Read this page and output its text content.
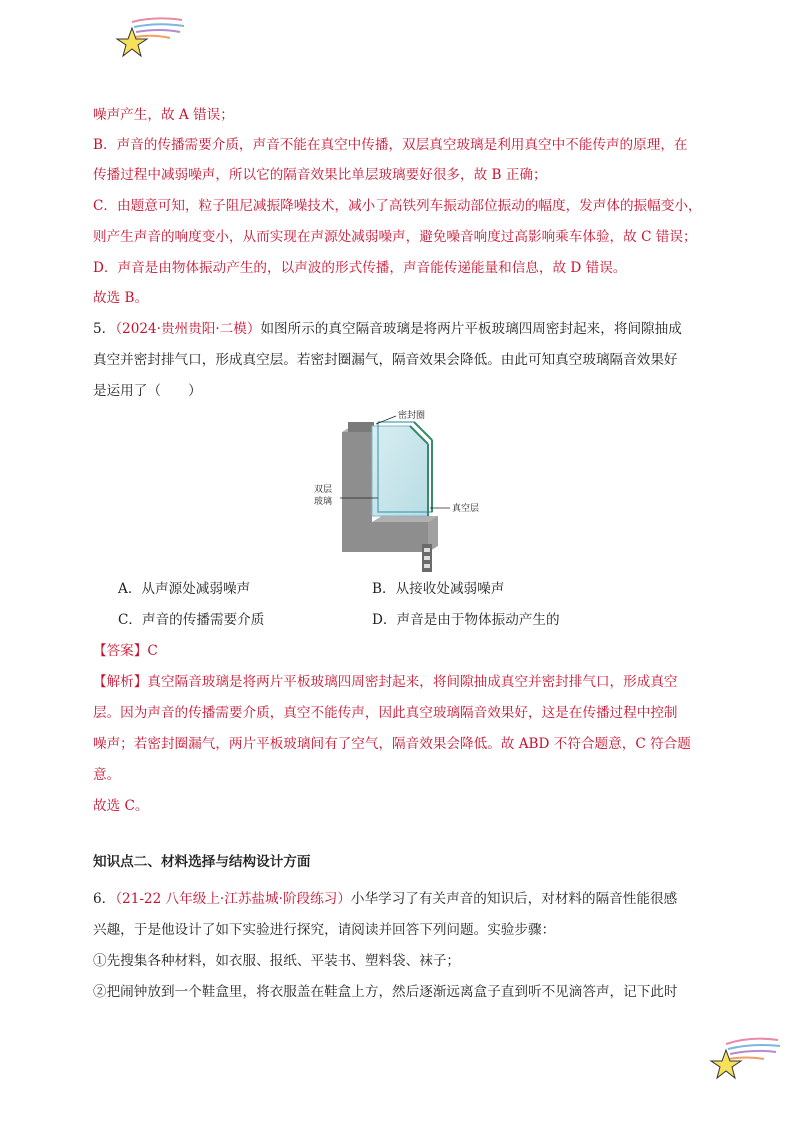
噪声产生，故 A 错误；
B．声音的传播需要介质，声音不能在真空中传播，双层真空玻璃是利用真空中不能传声的原理，在
传播过程中减弱噪声，所以它的隔音效果比单层玻璃要好很多，故 B 正确；
C．由题意可知，粒子阻尼减振降噪技术，减小了高铁列车振动部位振动的幅度，发声体的振幅变小，
则产生声音的响度变小，从而实现在声源处减弱噪声，避免噪音响度过高影响乘车体验，故 C 错误；
D．声音是由物体振动产生的，以声波的形式传播，声音能传递能量和信息，故 D 错误。
故选 B。
5．（2024·贵州贵阳·二模）如图所示的真空隔音玻璃是将两片平板玻璃四周密封起来，将间隙抽成
真空并密封排气口，形成真空层。若密封圈漏气，隔音效果会降低。由此可知真空玻璃隔音效果好
是运用了（　　）
密封圈
双层
玻璃
真空层
A．从声源处减弱噪声	B．从接收处减弱噪声
C．声音的传播需要介质	D．声音是由于物体振动产生的
【答案】C
【解析】真空隔音玻璃是将两片平板玻璃四周密封起来，将间隙抽成真空并密封排气口，形成真空
层。因为声音的传播需要介质，真空不能传声，因此真空玻璃隔音效果好，这是在传播过程中控制
噪声；若密封圈漏气，两片平板玻璃间有了空气，隔音效果会降低。故 ABD 不符合题意，C 符合题
意。
故选 C。
知识点二、材料选择与结构设计方面
6．（21-22 八年级上·江苏盐城·阶段练习）小华学习了有关声音的知识后，对材料的隔音性能很感
兴趣，于是他设计了如下实验进行探究，请阅读并回答下列问题。实验步骤：
①先搜集各种材料，如衣服、报纸、平装书、塑料袋、袜子；
②把闹钟放到一个鞋盒里，将衣服盖在鞋盒上方，然后逐渐远离盒子直到听不见滴答声，记下此时
